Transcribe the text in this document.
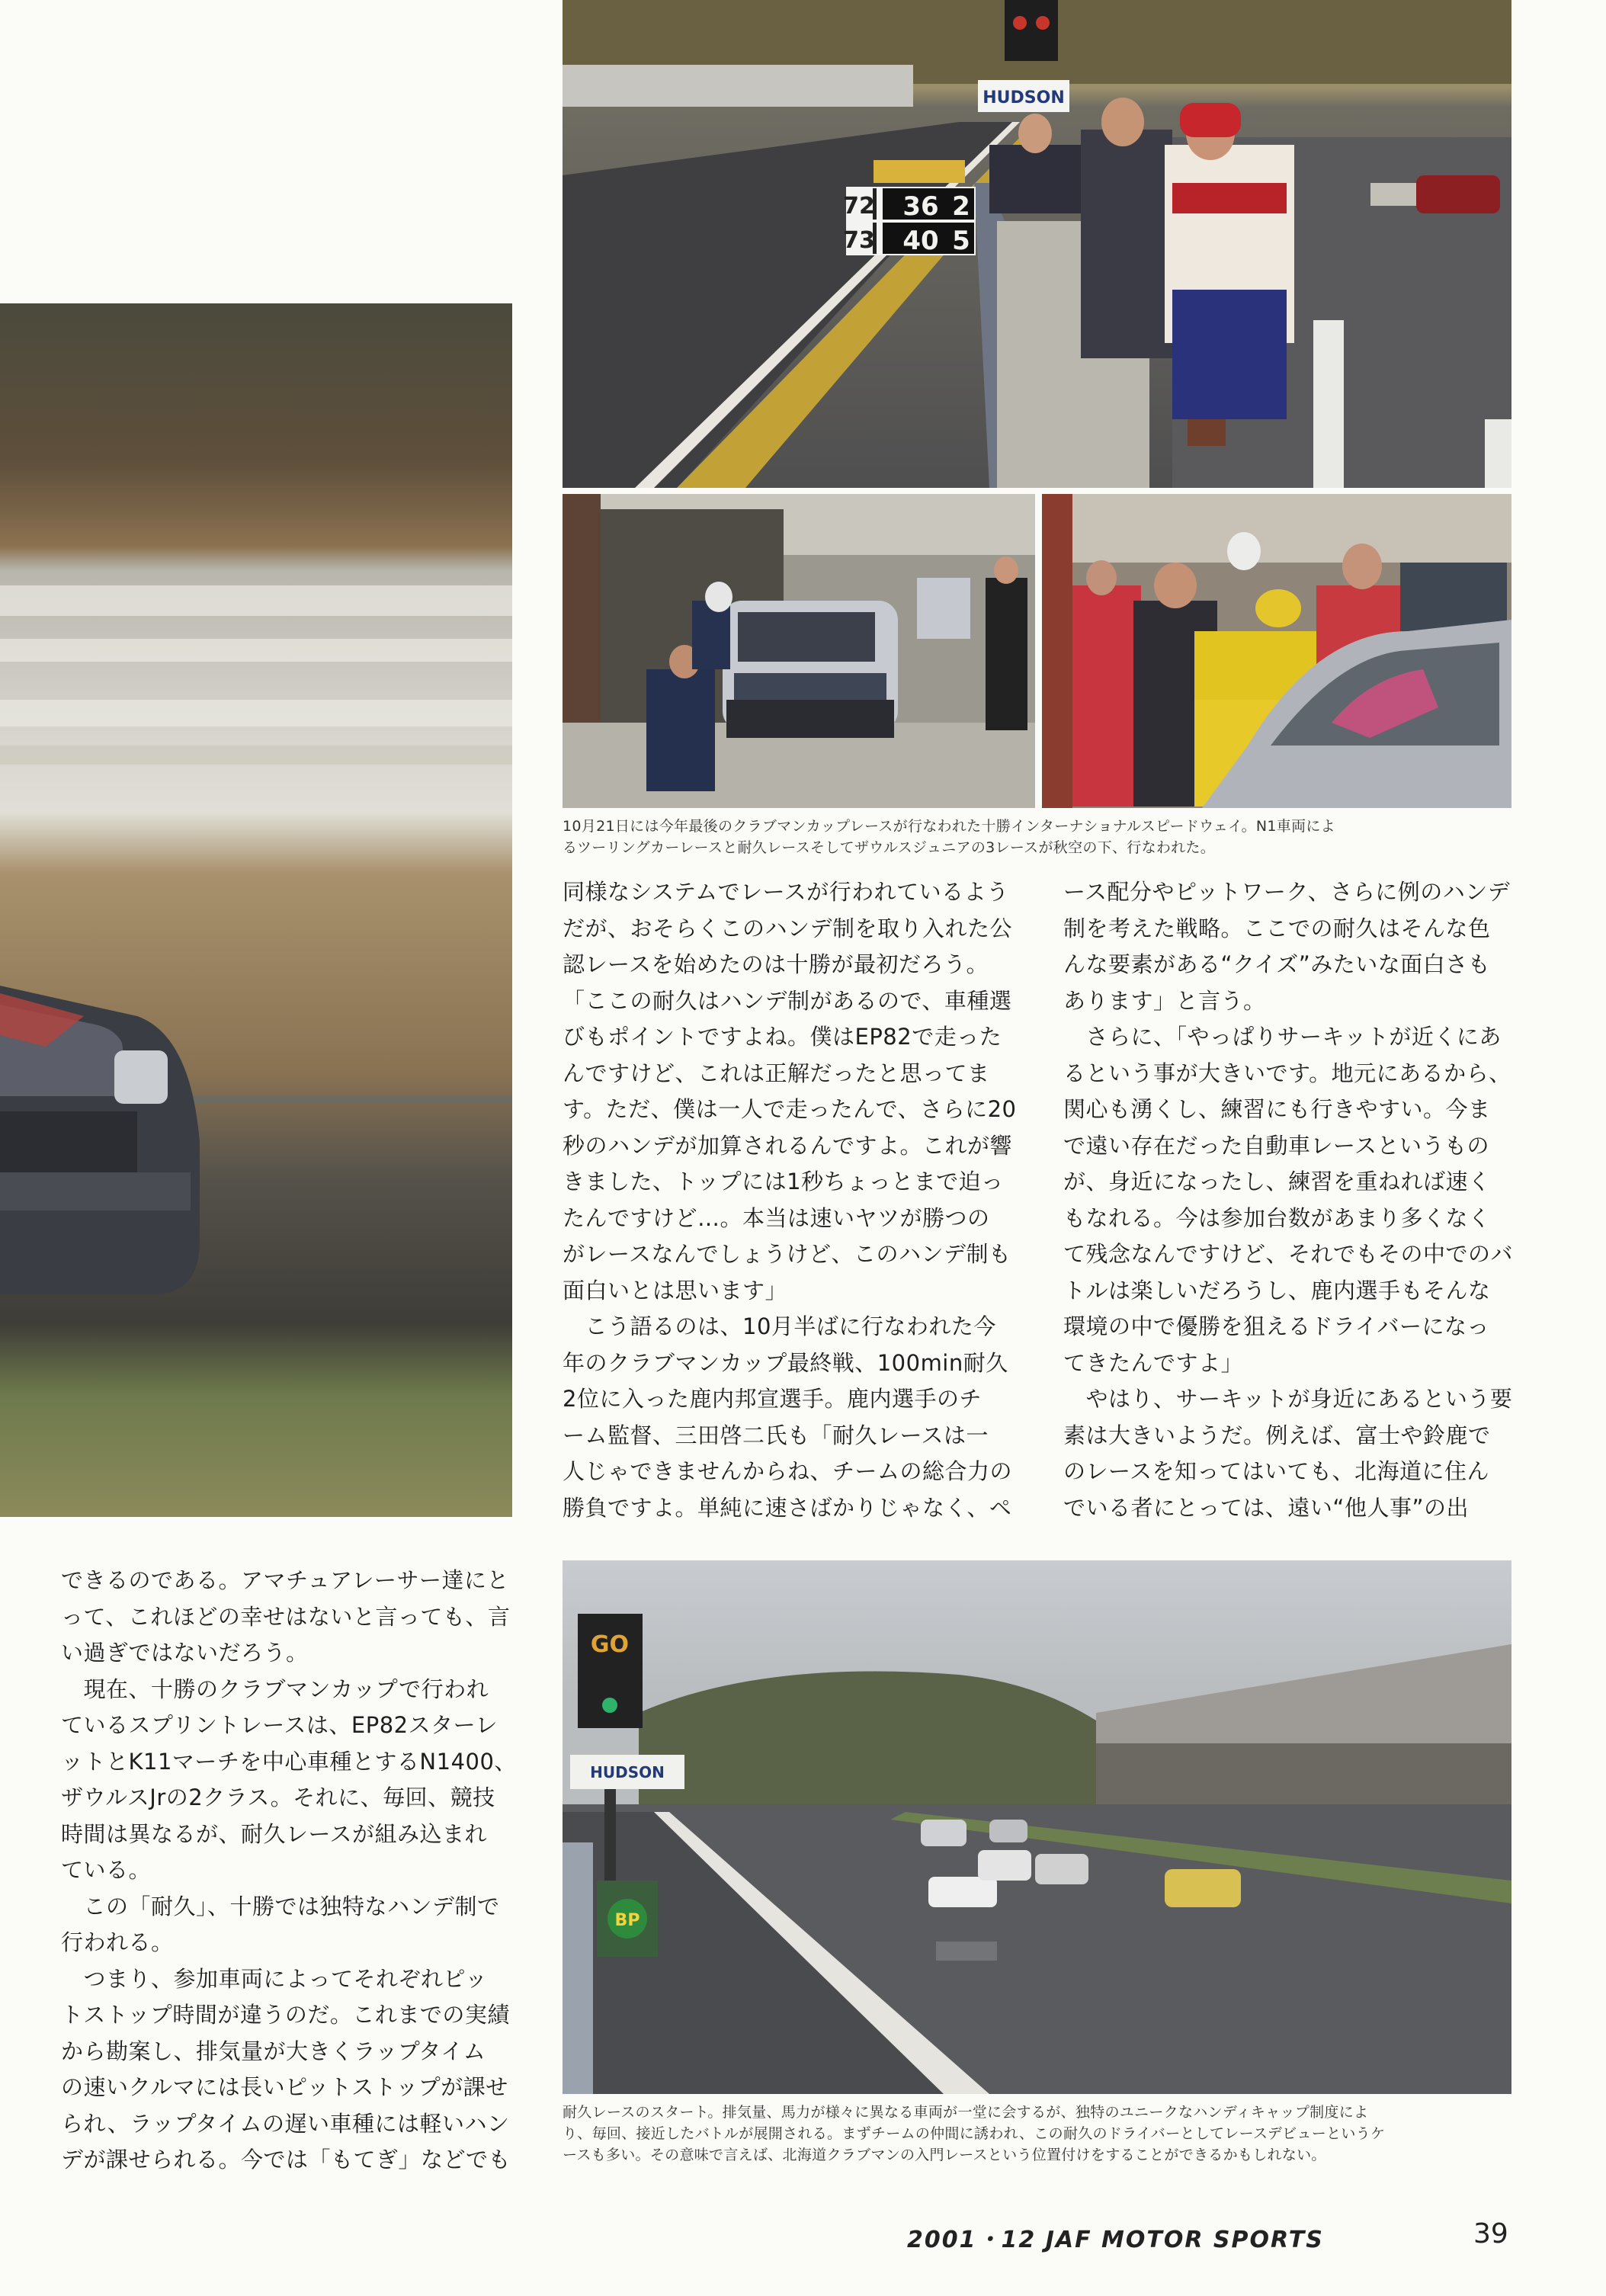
HUDSON
72
73
36
40
2
5
10月21日には今年最後のクラブマンカップレースが行なわれた十勝インターナショナルスピードウェイ。N1車両によ
るツーリングカーレースと耐久レースそしてザウルスジュニアの3レースが秋空の下、行なわれた。
同様なシステムでレースが行われているよう
だが、おそらくこのハンデ制を取り入れた公
認レースを始めたのは十勝が最初だろう。
「ここの耐久はハンデ制があるので、車種選
びもポイントですよね。僕はEP82で走った
んですけど、これは正解だったと思ってま
す。ただ、僕は一人で走ったんで、さらに20
秒のハンデが加算されるんですよ。これが響
きました、トップには1秒ちょっとまで迫っ
たんですけど…。本当は速いヤツが勝つの
がレースなんでしょうけど、このハンデ制も
面白いとは思います」
　こう語るのは、10月半ばに行なわれた今
年のクラブマンカップ最終戦、100min耐久
2位に入った鹿内邦宣選手。鹿内選手のチ
ーム監督、三田啓二氏も「耐久レースは一
人じゃできませんからね、チームの総合力の
勝負ですよ。単純に速さばかりじゃなく、ペ
ース配分やピットワーク、さらに例のハンデ
制を考えた戦略。ここでの耐久はそんな色
んな要素がある“クイズ”みたいな面白さも
あります」と言う。
　さらに、「やっぱりサーキットが近くにあ
るという事が大きいです。地元にあるから、
関心も湧くし、練習にも行きやすい。今ま
で遠い存在だった自動車レースというもの
が、身近になったし、練習を重ねれば速く
もなれる。今は参加台数があまり多くなく
て残念なんですけど、それでもその中でのバ
トルは楽しいだろうし、鹿内選手もそんな
環境の中で優勝を狙えるドライバーになっ
てきたんですよ」
　やはり、サーキットが身近にあるという要
素は大きいようだ。例えば、富士や鈴鹿で
のレースを知ってはいても、北海道に住ん
でいる者にとっては、遠い“他人事”の出
できるのである。アマチュアレーサー達にと
って、これほどの幸せはないと言っても、言
い過ぎではないだろう。
　現在、十勝のクラブマンカップで行われ
ているスプリントレースは、EP82スターレ
ットとK11マーチを中心車種とするN1400、
ザウルスJrの2クラス。それに、毎回、競技
時間は異なるが、耐久レースが組み込まれ
ている。
　この「耐久」、十勝では独特なハンデ制で
行われる。
　つまり、参加車両によってそれぞれピッ
トストップ時間が違うのだ。これまでの実績
から勘案し、排気量が大きくラップタイム
の速いクルマには長いピットストップが課せ
られ、ラップタイムの遅い車種には軽いハン
デが課せられる。今では「もてぎ」などでも
GO
HUDSON
BP
耐久レースのスタート。排気量、馬力が様々に異なる車両が一堂に会するが、独特のユニークなハンディキャップ制度によ
り、毎回、接近したバトルが展開される。まずチームの仲間に誘われ、この耐久のドライバーとしてレースデビューというケ
ースも多い。その意味で言えば、北海道クラブマンの入門レースという位置付けをすることができるかもしれない。
2001・12 JAF MOTOR SPORTS	39
